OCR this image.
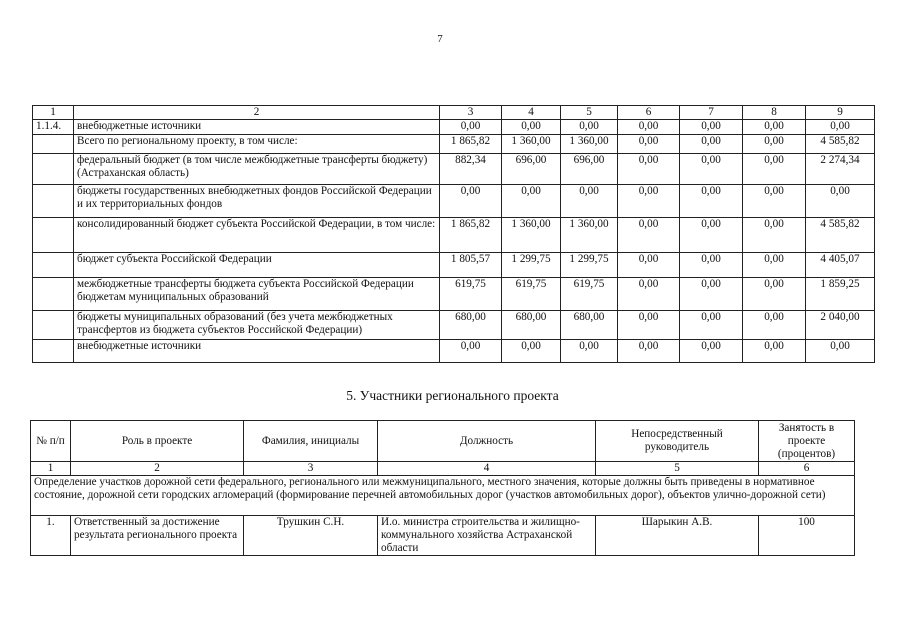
7
1	2	3	4	5	6	7	8	9
1.1.4.	внебюджетные источники	0,00	0,00	0,00	0,00	0,00	0,00	0,00
	Всего по региональному проекту, в том числе:	1 865,82	1 360,00	1 360,00	0,00	0,00	0,00	4 585,82
	федеральный бюджет (в том числе межбюджетные трансферты бюджету) (Астраханская область)	882,34	696,00	696,00	0,00	0,00	0,00	2 274,34
	бюджеты государственных внебюджетных фондов Российской Федерации и их территориальных фондов	0,00	0,00	0,00	0,00	0,00	0,00	0,00
	консолидированный бюджет субъекта Российской Федерации, в том числе:	1 865,82	1 360,00	1 360,00	0,00	0,00	0,00	4 585,82
	бюджет субъекта Российской Федерации	1 805,57	1 299,75	1 299,75	0,00	0,00	0,00	4 405,07
	межбюджетные трансферты бюджета субъекта Российской Федерации бюджетам муниципальных образований	619,75	619,75	619,75	0,00	0,00	0,00	1 859,25
	бюджеты муниципальных образований (без учета межбюджетных трансфертов из бюджета субъектов Российской Федерации)	680,00	680,00	680,00	0,00	0,00	0,00	2 040,00
	внебюджетные источники	0,00	0,00	0,00	0,00	0,00	0,00	0,00
5. Участники регионального проекта
№ п/п	Роль в проекте	Фамилия, инициалы	Должность	Непосредственный руководитель	Занятость в проекте (процентов)
1	2	3	4	5	6
Определение участков дорожной сети федерального, регионального или межмуниципального, местного значения, которые должны быть приведены в нормативное состояние, дорожной сети городских агломераций (формирование перечней автомобильных дорог (участков автомобильных дорог), объектов улично-дорожной сети)					
1.	Ответственный за достижение результата регионального проекта	Трушкин С.Н.	И.о. министра строительства и жилищно-коммунального хозяйства Астраханской области	Шарыкин А.В.	100
